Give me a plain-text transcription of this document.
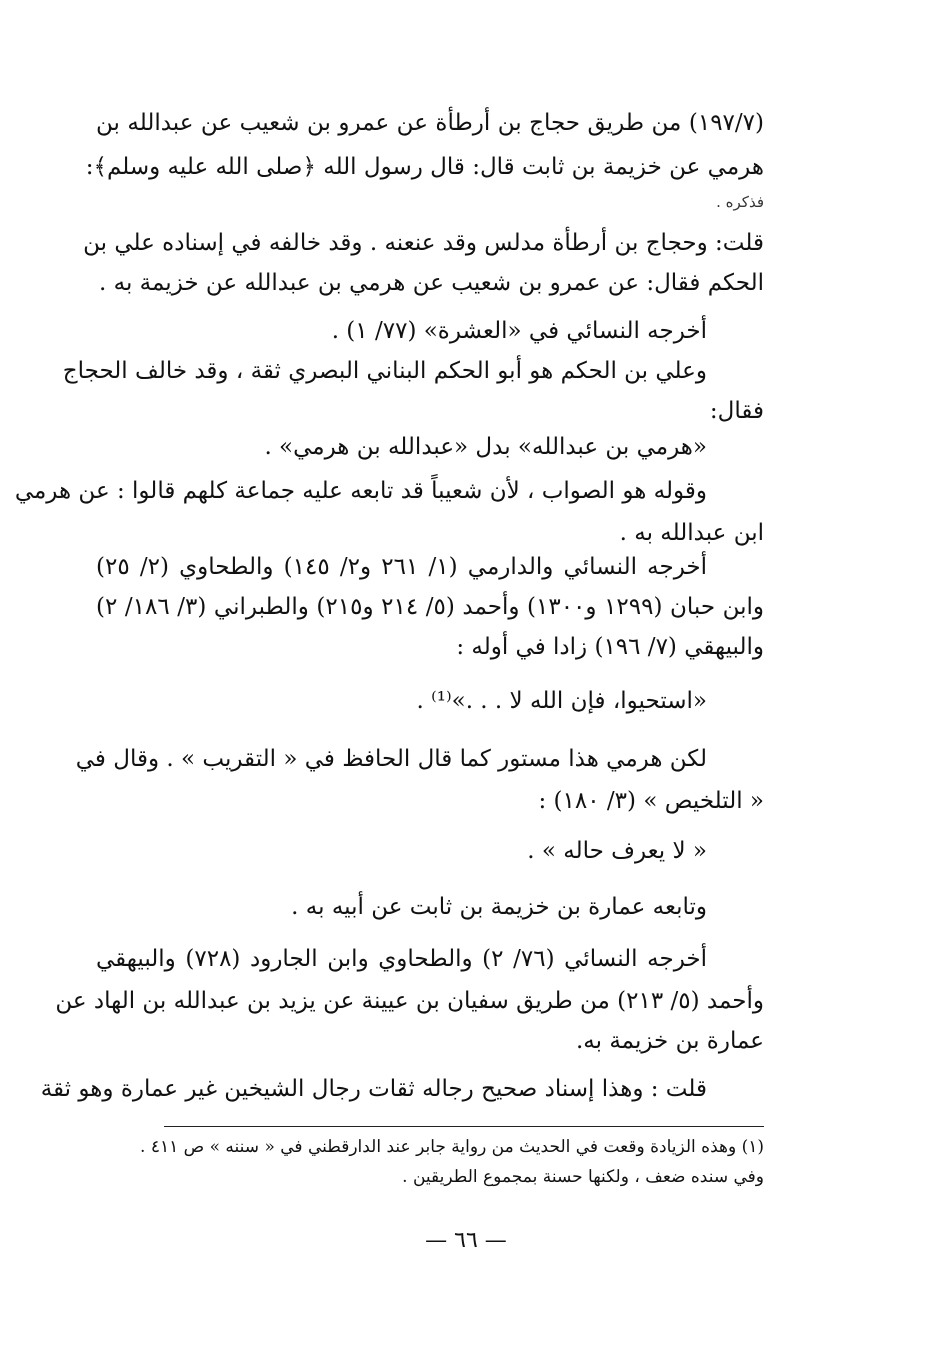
(١٩٧/٧) من طريق حجاج بن أرطأة عن عمرو بن شعيب عن عبدالله بن
هرمي عن خزيمة بن ثابت قال: قال رسول الله ﴿صلى الله عليه وسلم﴾:
فذكره .
قلت: وحجاج بن أرطأة مدلس وقد عنعنه . وقد خالفه في إسناده علي بن
الحكم فقال: عن عمرو بن شعيب عن هرمي بن عبدالله عن خزيمة به .
أخرجه النسائي في «العشرة» (٧٧/ ١) .
وعلي بن الحكم هو أبو الحكم البناني البصري ثقة ، وقد خالف الحجاج
فقال:
«هرمي بن عبدالله» بدل «عبدالله بن هرمي» .
وقوله هو الصواب ، لأن شعيباً قد تابعه عليه جماعة كلهم قالوا : عن هرمي
ابن عبدالله به .
أخرجه النسائي والدارمي (١/ ٢٦١ و٢/ ١٤٥) والطحاوي (٢/ ٢٥)
وابن حبان (١٢٩٩ و١٣٠٠) وأحمد (٥/ ٢١٤ و٢١٥) والطبراني (٣/ ١٨٦/ ٢)
والبيهقي (٧/ ١٩٦) زادا في أوله :
«استحيوا، فإن الله لا . . .»⁽¹⁾ .
لكن هرمي هذا مستور كما قال الحافظ في « التقريب » . وقال في
« التلخيص » (٣/ ١٨٠) :
« لا يعرف حاله » .
وتابعه عمارة بن خزيمة بن ثابت عن أبيه به .
أخرجه النسائي (٧٦/ ٢) والطحاوي وابن الجارود (٧٢٨) والبيهقي
وأحمد (٥/ ٢١٣) من طريق سفيان بن عيينة عن يزيد بن عبدالله بن الهاد عن
عمارة بن خزيمة به.
قلت : وهذا إسناد صحيح رجاله ثقات رجال الشيخين غير عمارة وهو ثقة
(١) وهذه الزيادة وقعت في الحديث من رواية جابر عند الدارقطني في « سننه » ص ٤١١ .
وفي سنده ضعف ، ولكنها حسنة بمجموع الطريقين .
— ٦٦ —
